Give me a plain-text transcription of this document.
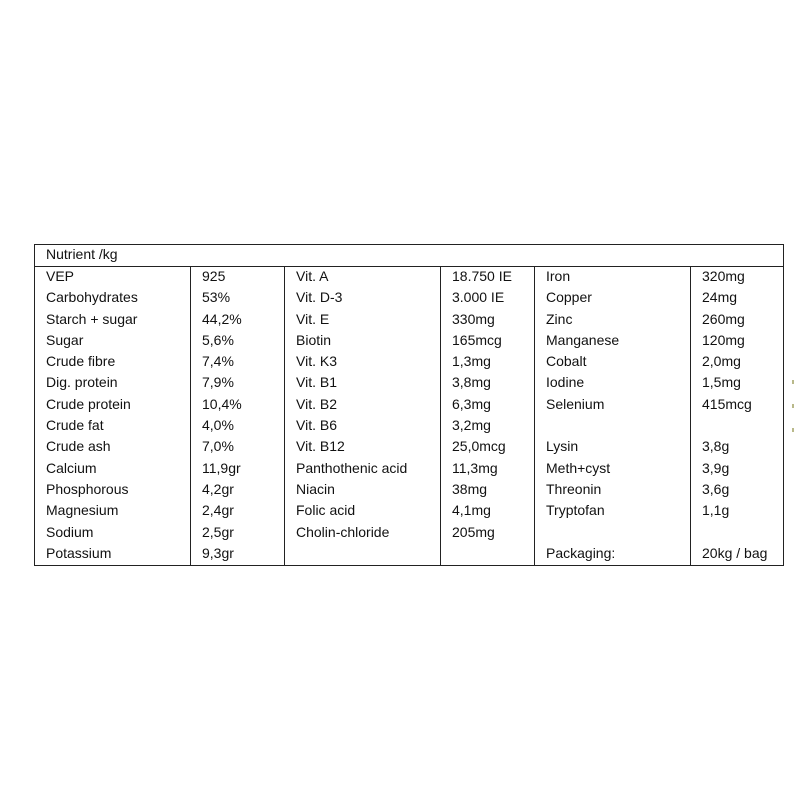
Nutrient /kg					
VEP	925	Vit. A	18.750 IE	Iron	320mg
Carbohydrates	53%	Vit. D-3	3.000 IE	Copper	24mg
Starch + sugar	44,2%	Vit. E	330mg	Zinc	260mg
Sugar	5,6%	Biotin	165mcg	Manganese	120mg
Crude fibre	7,4%	Vit. K3	1,3mg	Cobalt	2,0mg
Dig. protein	7,9%	Vit. B1	3,8mg	Iodine	1,5mg
Crude protein	10,4%	Vit. B2	6,3mg	Selenium	415mcg
Crude fat	4,0%	Vit. B6	3,2mg		
Crude ash	7,0%	Vit. B12	25,0mcg	Lysin	3,8g
Calcium	11,9gr	Panthothenic acid	11,3mg	Meth+cyst	3,9g
Phosphorous	4,2gr	Niacin	38mg	Threonin	3,6g
Magnesium	2,4gr	Folic acid	4,1mg	Tryptofan	1,1g
Sodium	2,5gr	Cholin-chloride	205mg		
Potassium	9,3gr			Packaging:	20kg / bag
